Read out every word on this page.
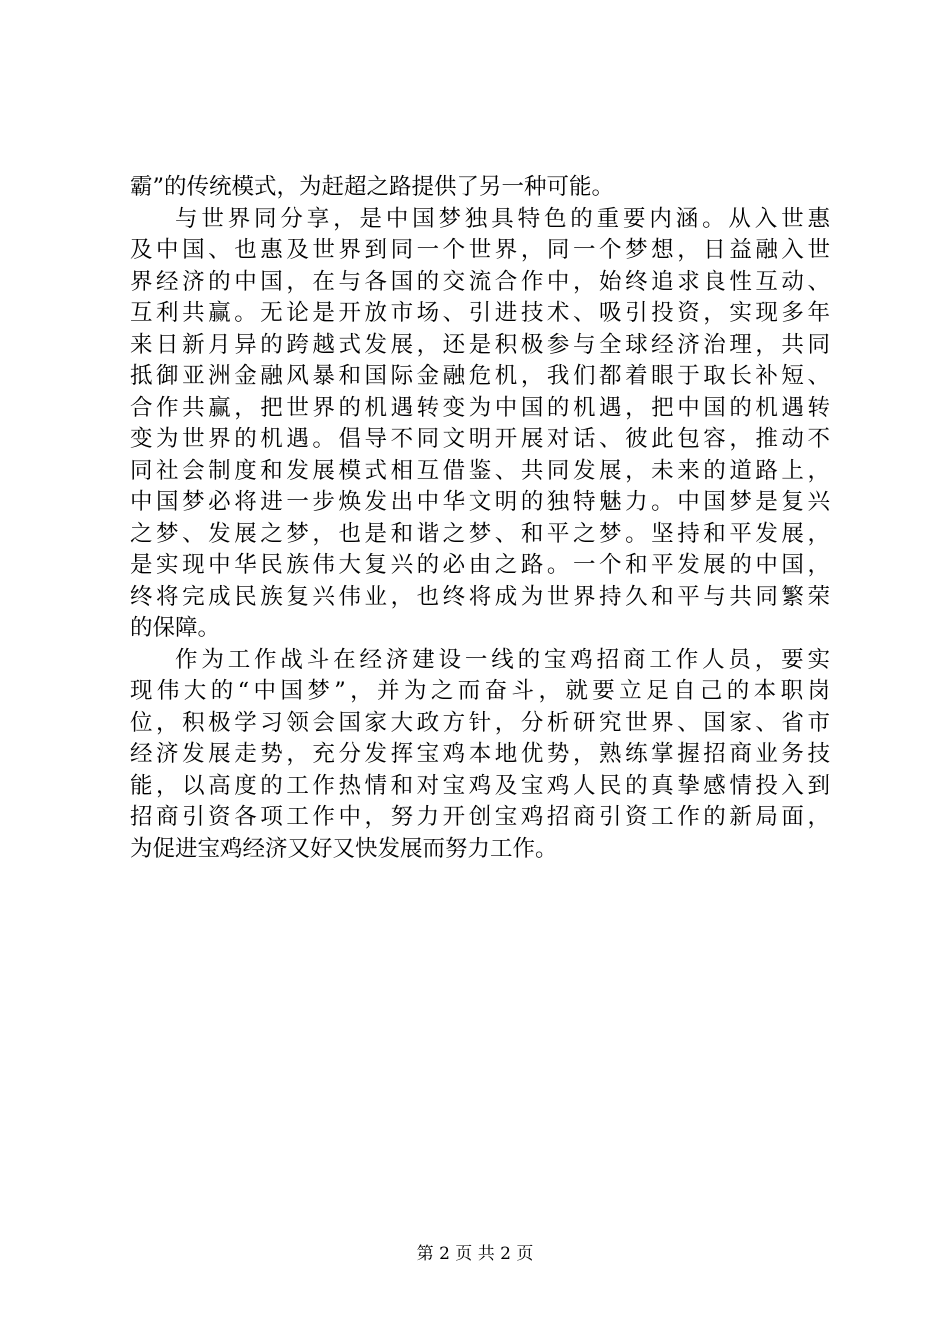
霸”的传统模式，为赶超之路提供了另一种可能。
与世界同分享，是中国梦独具特色的重要内涵。从入世惠
及中国、也惠及世界到同一个世界，同一个梦想，日益融入世
界经济的中国，在与各国的交流合作中，始终追求良性互动、
互利共赢。无论是开放市场、引进技术、吸引投资，实现多年
来日新月异的跨越式发展，还是积极参与全球经济治理，共同
抵御亚洲金融风暴和国际金融危机，我们都着眼于取长补短、
合作共赢，把世界的机遇转变为中国的机遇，把中国的机遇转
变为世界的机遇。倡导不同文明开展对话、彼此包容，推动不
同社会制度和发展模式相互借鉴、共同发展，未来的道路上，
中国梦必将进一步焕发出中华文明的独特魅力。中国梦是复兴
之梦、发展之梦，也是和谐之梦、和平之梦。坚持和平发展，
是实现中华民族伟大复兴的必由之路。一个和平发展的中国，
终将完成民族复兴伟业，也终将成为世界持久和平与共同繁荣
的保障。
作为工作战斗在经济建设一线的宝鸡招商工作人员，要实
现伟大的“中国梦”，并为之而奋斗，就要立足自己的本职岗
位，积极学习领会国家大政方针，分析研究世界、国家、省市
经济发展走势，充分发挥宝鸡本地优势，熟练掌握招商业务技
能，以高度的工作热情和对宝鸡及宝鸡人民的真挚感情投入到
招商引资各项工作中，努力开创宝鸡招商引资工作的新局面，
为促进宝鸡经济又好又快发展而努力工作。
第 2 页 共 2 页
